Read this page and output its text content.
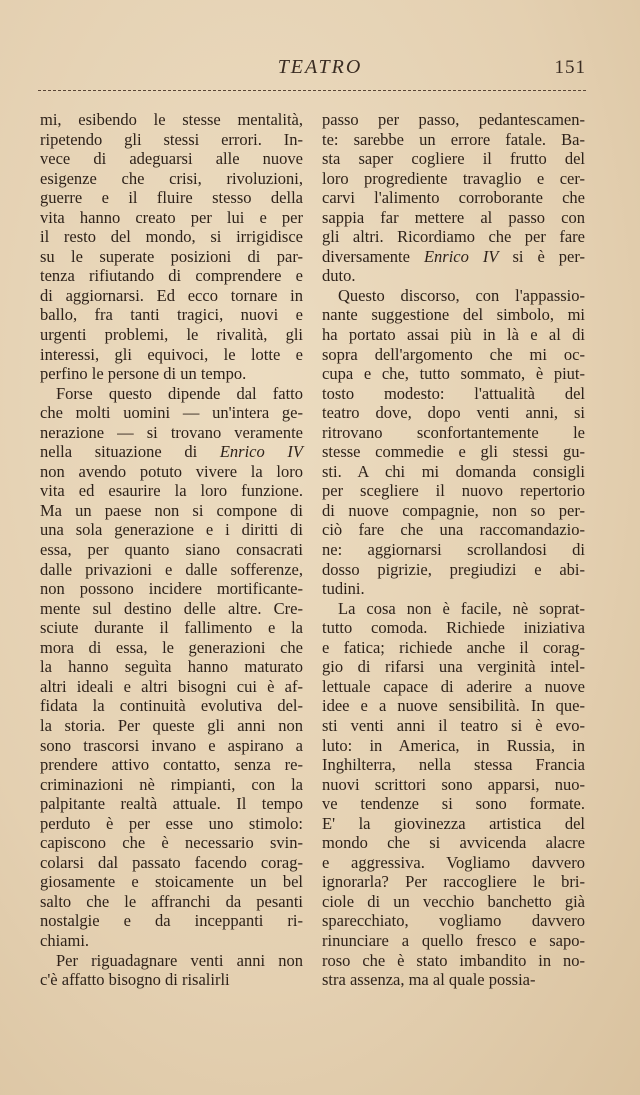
TEATRO	151
mi, esibendo le stesse mentalità,
ripetendo gli stessi errori. In-
vece di adeguarsi alle nuove
esigenze che crisi, rivoluzioni,
guerre e il fluire stesso della
vita hanno creato per lui e per
il resto del mondo, si irrigidisce
su le superate posizioni di par-
tenza rifiutando di comprendere e
di aggiornarsi. Ed ecco tornare in
ballo, fra tanti tragici, nuovi e
urgenti problemi, le rivalità, gli
interessi, gli equivoci, le lotte e
perfino le persone di un tempo.
Forse questo dipende dal fatto
che molti uomini — un'intera ge-
nerazione — si trovano veramente
nella situazione di Enrico IV
non avendo potuto vivere la loro
vita ed esaurire la loro funzione.
Ma un paese non si compone di
una sola generazione e i diritti di
essa, per quanto siano consacrati
dalle privazioni e dalle sofferenze,
non possono incidere mortificante-
mente sul destino delle altre. Cre-
sciute durante il fallimento e la
mora di essa, le generazioni che
la hanno seguìta hanno maturato
altri ideali e altri bisogni cui è af-
fidata la continuità evolutiva del-
la storia. Per queste gli anni non
sono trascorsi invano e aspirano a
prendere attivo contatto, senza re-
criminazioni nè rimpianti, con la
palpitante realtà attuale. Il tempo
perduto è per esse uno stimolo:
capiscono che è necessario svin-
colarsi dal passato facendo corag-
giosamente e stoicamente un bel
salto che le affranchi da pesanti
nostalgie e da inceppanti ri-
chiami.
Per riguadagnare venti anni non
c'è affatto bisogno di risalirli
passo per passo, pedantescamen-
te: sarebbe un errore fatale. Ba-
sta saper cogliere il frutto del
loro progrediente travaglio e cer-
carvi l'alimento corroborante che
sappia far mettere al passo con
gli altri. Ricordiamo che per fare
diversamente Enrico IV si è per-
duto.
Questo discorso, con l'appassio-
nante suggestione del simbolo, mi
ha portato assai più in là e al di
sopra dell'argomento che mi oc-
cupa e che, tutto sommato, è piut-
tosto modesto: l'attualità del
teatro dove, dopo venti anni, si
ritrovano sconfortantemente le
stesse commedie e gli stessi gu-
sti. A chi mi domanda consigli
per scegliere il nuovo repertorio
di nuove compagnie, non so per-
ciò fare che una raccomandazio-
ne: aggiornarsi scrollandosi di
dosso pigrizie, pregiudizi e abi-
tudini.
La cosa non è facile, nè soprat-
tutto comoda. Richiede iniziativa
e fatica; richiede anche il corag-
gio di rifarsi una verginità intel-
lettuale capace di aderire a nuove
idee e a nuove sensibilità. In que-
sti venti anni il teatro si è evo-
luto: in America, in Russia, in
Inghilterra, nella stessa Francia
nuovi scrittori sono apparsi, nuo-
ve tendenze si sono formate.
E' la giovinezza artistica del
mondo che si avvicenda alacre
e aggressiva. Vogliamo davvero
ignorarla? Per raccogliere le bri-
ciole di un vecchio banchetto già
sparecchiato, vogliamo davvero
rinunciare a quello fresco e sapo-
roso che è stato imbandito in no-
stra assenza, ma al quale possia-
